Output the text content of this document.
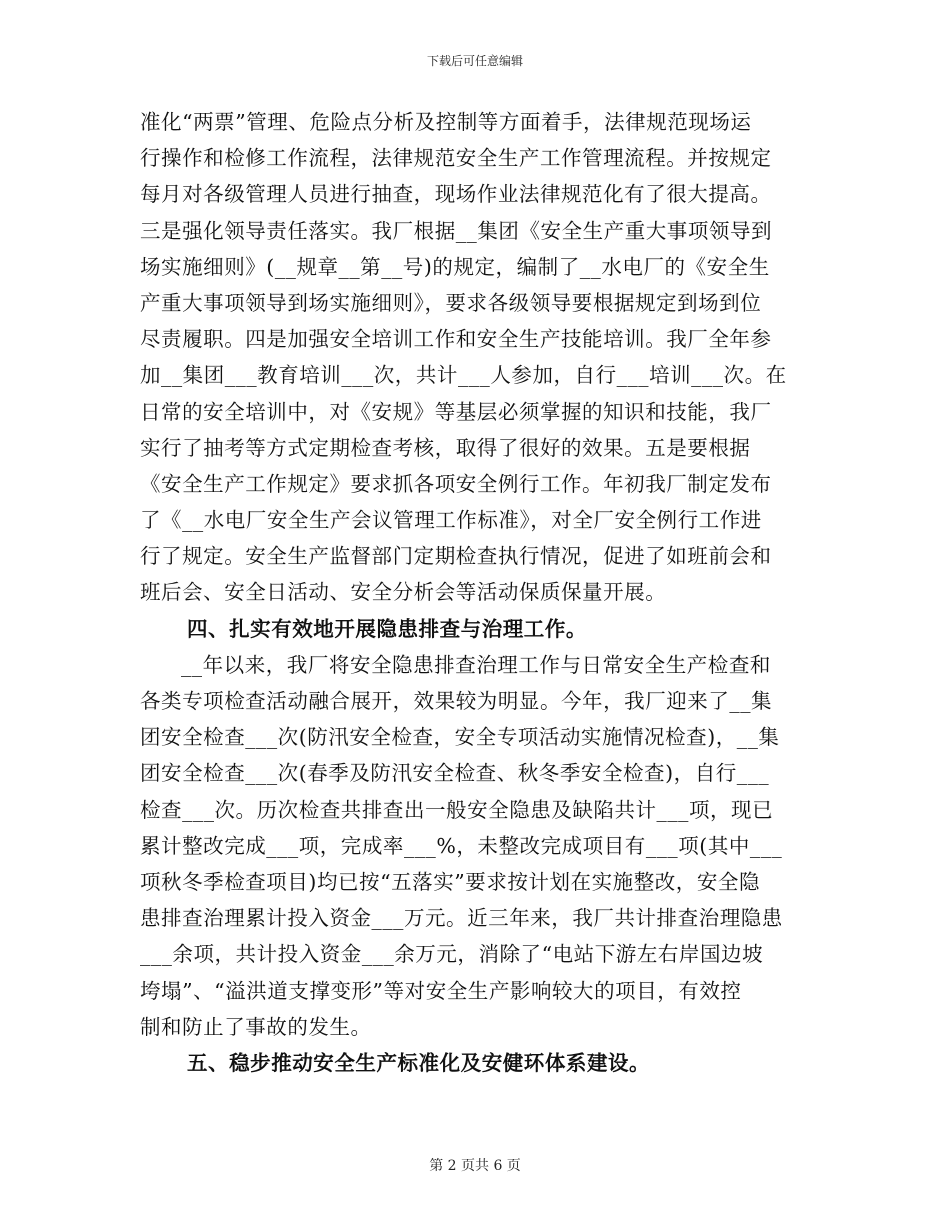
下载后可任意编辑
准化“两票”管理、危险点分析及控制等方面着手，法律规范现场运
行操作和检修工作流程，法律规范安全生产工作管理流程。并按规定
每月对各级管理人员进行抽查，现场作业法律规范化有了很大提高。
三是强化领导责任落实。我厂根据__集团《安全生产重大事项领导到
场实施细则》(__规章__第__号)的规定，编制了__水电厂的《安全生
产重大事项领导到场实施细则》，要求各级领导要根据规定到场到位
尽责履职。四是加强安全培训工作和安全生产技能培训。我厂全年参
加__集团___教育培训___次，共计___人参加，自行___培训___次。在
日常的安全培训中，对《安规》等基层必须掌握的知识和技能，我厂
实行了抽考等方式定期检查考核，取得了很好的效果。五是要根据
《安全生产工作规定》要求抓各项安全例行工作。年初我厂制定发布
了《__水电厂安全生产会议管理工作标准》，对全厂安全例行工作进
行了规定。安全生产监督部门定期检查执行情况，促进了如班前会和
班后会、安全日活动、安全分析会等活动保质保量开展。
四、扎实有效地开展隐患排查与治理工作。
__年以来，我厂将安全隐患排查治理工作与日常安全生产检查和
各类专项检查活动融合展开，效果较为明显。今年，我厂迎来了__集
团安全检查___次(防汛安全检查，安全专项活动实施情况检查)，__集
团安全检查___次(春季及防汛安全检查、秋冬季安全检查)，自行___
检查___次。历次检查共排查出一般安全隐患及缺陷共计___项，现已
累计整改完成___项，完成率___%，未整改完成项目有___项(其中___
项秋冬季检查项目)均已按“五落实”要求按计划在实施整改，安全隐
患排查治理累计投入资金___万元。近三年来，我厂共计排查治理隐患
___余项，共计投入资金___余万元，消除了“电站下游左右岸国边坡
垮塌”、“溢洪道支撑变形”等对安全生产影响较大的项目，有效控
制和防止了事故的发生。
五、稳步推动安全生产标准化及安健环体系建设。
第 2 页共 6 页
